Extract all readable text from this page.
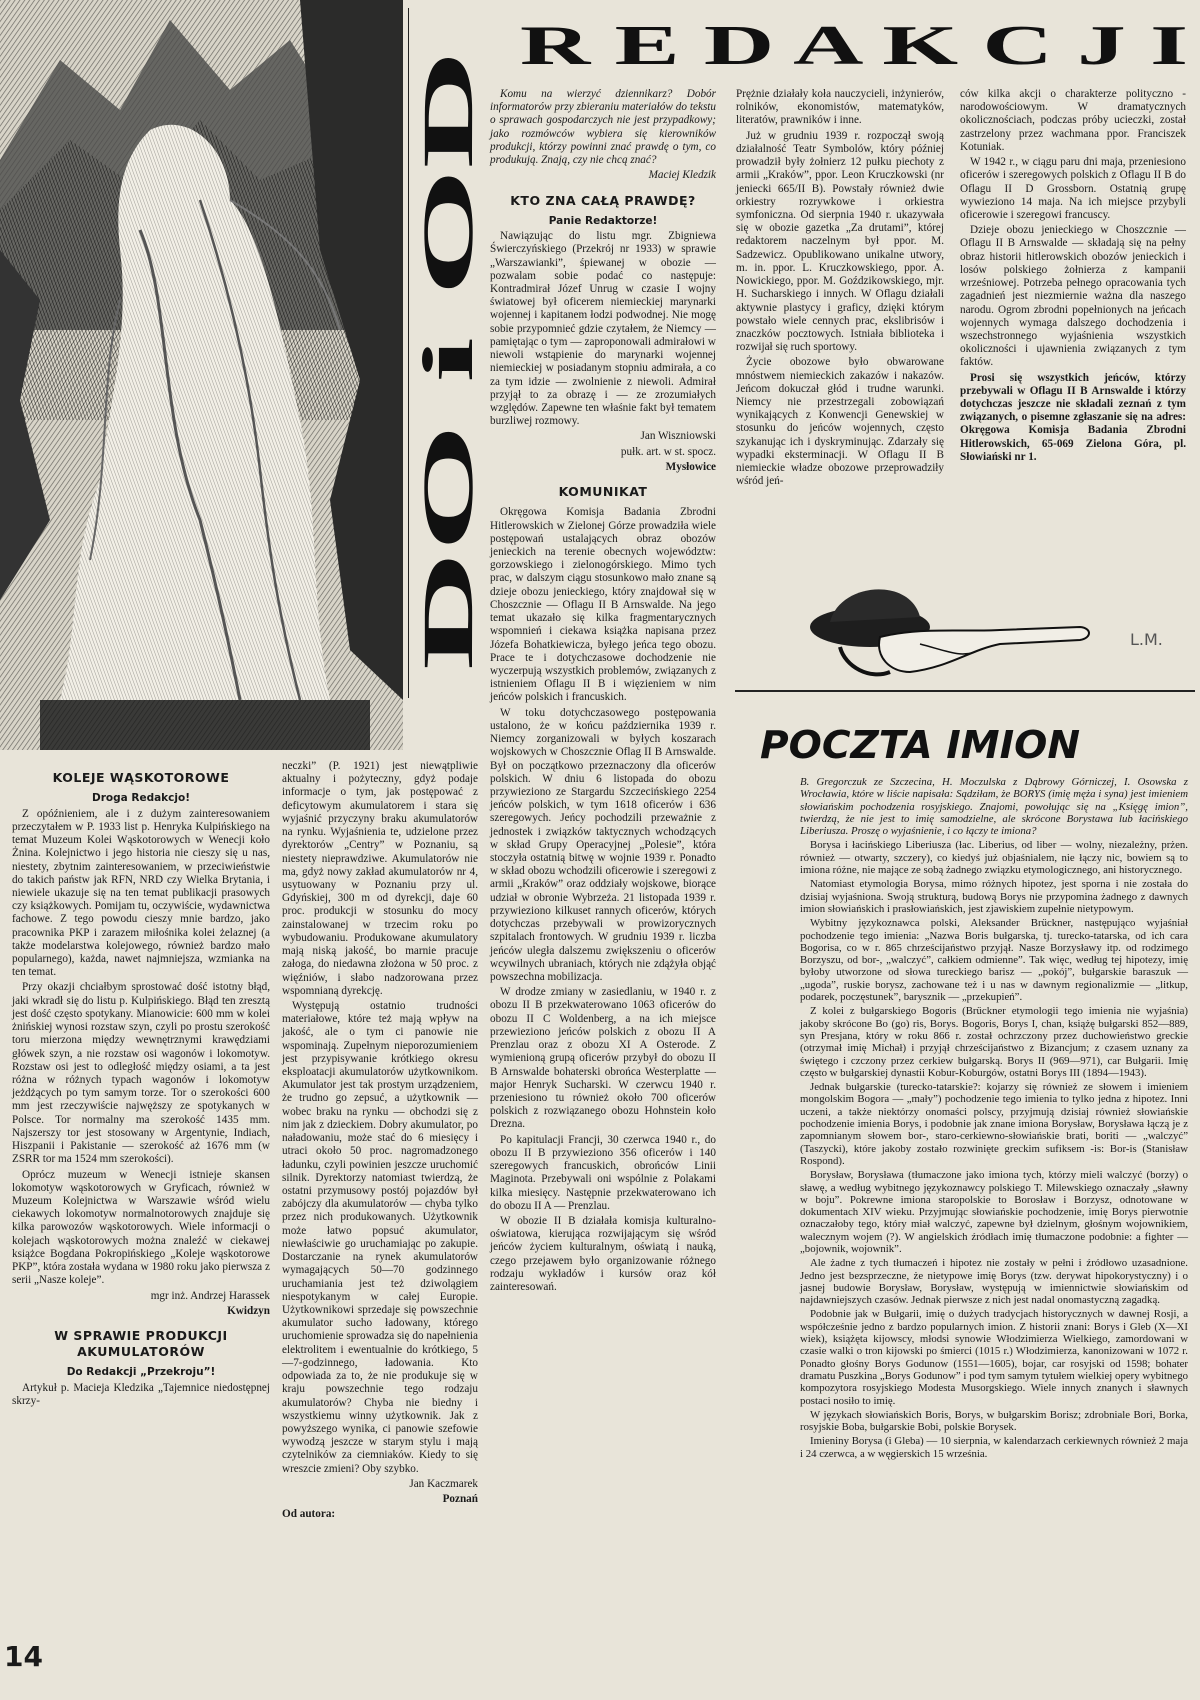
DO i OD
R E D A K C J I

KOLEJE WĄSKOTOROWE

Droga Redakcjo!

Z opóźnieniem, ale i z dużym zainteresowaniem przeczytałem w P. 1933 list p. Henryka Kulpińskiego na temat Muzeum Kolei Wąskotorowych w Wenecji koło Żnina. Kolejnictwo i jego historia nie cieszy się u nas, niestety, zbytnim zainteresowaniem, w przeciwieństwie do takich państw jak RFN, NRD czy Wielka Brytania, i niewiele ukazuje się na ten temat publikacji prasowych czy książkowych. Pomijam tu, oczywiście, wydawnictwa fachowe. Z tego powodu cieszy mnie bardzo, jako pracownika PKP i zarazem miłośnika kolei żelaznej (a także modelarstwa kolejowego, również bardzo mało popularnego), każda, nawet najmniejsza, wzmianka na ten temat.

Przy okazji chciałbym sprostować dość istotny błąd, jaki wkradł się do listu p. Kulpińskiego. Błąd ten zresztą jest dość często spotykany. Mianowicie: 600 mm w kolei żnińskiej wynosi rozstaw szyn, czyli po prostu szerokość toru mierzona między wewnętrznymi krawędziami główek szyn, a nie rozstaw osi wagonów i lokomotyw. Rozstaw osi jest to odległość między osiami, a ta jest różna w różnych typach wagonów i lokomotyw jeżdżących po tym samym torze. Tor o szerokości 600 mm jest rzeczywiście najwęższy ze spotykanych w Polsce. Tor normalny ma szerokość 1435 mm. Najszerszy tor jest stosowany w Argentynie, Indiach, Hiszpanii i Pakistanie — szerokość aż 1676 mm (w ZSRR tor ma 1524 mm szerokości).

Oprócz muzeum w Wenecji istnieje skansen lokomotyw wąskotorowych w Gryficach, również w Muzeum Kolejnictwa w Warszawie wśród wielu ciekawych lokomotyw normalnotorowych znajduje się kilka parowozów wąskotorowych. Wiele informacji o kolejach wąskotorowych można znaleźć w ciekawej książce Bogdana Pokropińskiego „Koleje wąskotorowe PKP”, która została wydana w 1980 roku jako pierwsza z serii „Nasze koleje”.

mgr inż. Andrzej Harassek

Kwidzyn

W SPRAWIE PRODUKCJI AKUMULATORÓW

Do Redakcji „Przekroju”!

Artykuł p. Macieja Kledzika „Tajemnice niedostępnej skrzy-

neczki” (P. 1921) jest niewątpliwie aktualny i pożyteczny, gdyż podaje informacje o tym, jak postępować z deficytowym akumulatorem i stara się wyjaśnić przyczyny braku akumulatorów na rynku. Wyjaśnienia te, udzielone przez dyrektorów „Centry” w Poznaniu, są niestety nieprawdziwe. Akumulatorów nie ma, gdyż nowy zakład akumulatorów nr 4, usytuowany w Poznaniu przy ul. Gdyńskiej, 300 m od dyrekcji, daje 60 proc. produkcji w stosunku do mocy zainstalowanej w trzecim roku po wybudowaniu. Produkowane akumulatory mają niską jakość, bo marnie pracuje załoga, do niedawna złożona w 50 proc. z więźniów, i słabo nadzorowana przez wspomnianą dyrekcję.

Występują ostatnio trudności materiałowe, które też mają wpływ na jakość, ale o tym ci panowie nie wspominają. Zupełnym nieporozumieniem jest przypisywanie krótkiego okresu eksploatacji akumulatorów użytkownikom. Akumulator jest tak prostym urządzeniem, że trudno go zepsuć, a użytkownik — wobec braku na rynku — obchodzi się z nim jak z dzieckiem. Dobry akumulator, po naładowaniu, może stać do 6 miesięcy i utraci około 50 proc. nagromadzonego ładunku, czyli powinien jeszcze uruchomić silnik. Dyrektorzy natomiast twierdzą, że ostatni przymusowy postój pojazdów był zabójczy dla akumulatorów — chyba tylko przez nich produkowanych. Użytkownik może łatwo popsuć akumulator, niewłaściwie go uruchamiając po zakupie. Dostarczanie na rynek akumulatorów wymagających 50—70 godzinnego uruchamiania jest też dziwolągiem niespotykanym w całej Europie. Użytkownikowi sprzedaje się powszechnie akumulator sucho ładowany, którego uruchomienie sprowadza się do napełnienia elektrolitem i ewentualnie do krótkiego, 5—7-godzinnego, ładowania. Kto odpowiada za to, że nie produkuje się w kraju powszechnie tego rodzaju akumulatorów? Chyba nie biedny i wszystkiemu winny użytkownik. Jak z powyższego wynika, ci panowie szefowie wywodzą jeszcze w starym stylu i mają czytelników za ciemniaków. Kiedy to się wreszcie zmieni? Oby szybko.

Jan Kaczmarek

Poznań

Od autora:

Komu na wierzyć dziennikarz? Dobór informatorów przy zbieraniu materiałów do tekstu o sprawach gospodarczych nie jest przypadkowy; jako rozmówców wybiera się kierowników produkcji, którzy powinni znać prawdę o tym, co produkują. Znają, czy nie chcą znać?

Maciej Kledzik

KTO ZNA CAŁĄ PRAWDĘ?

Panie Redaktorze!

Nawiązując do listu mgr. Zbigniewa Świerczyńskiego (Przekrój nr 1933) w sprawie „Warszawianki”, śpiewanej w obozie — pozwalam sobie podać co następuje: Kontradmirał Józef Unrug w czasie I wojny światowej był oficerem niemieckiej marynarki wojennej i kapitanem łodzi podwodnej. Nie mogę sobie przypomnieć gdzie czytałem, że Niemcy — pamiętając o tym — zaproponowali admirałowi w niewoli wstąpienie do marynarki wojennej niemieckiej w posiadanym stopniu admirała, a co za tym idzie — zwolnienie z niewoli. Admirał przyjął to za obrazę i — ze zrozumiałych względów. Zapewne ten właśnie fakt był tematem burzliwej rozmowy.

Jan Wiszniowski

pułk. art. w st. spocz.

Mysłowice

KOMUNIKAT

Okręgowa Komisja Badania Zbrodni Hitlerowskich w Zielonej Górze prowadziła wiele postępowań ustalających obraz obozów jenieckich na terenie obecnych województw: gorzowskiego i zielonogórskiego. Mimo tych prac, w dalszym ciągu stosunkowo mało znane są dzieje obozu jenieckiego, który znajdował się w Choszcznie — Oflagu II B Arnswalde. Na jego temat ukazało się kilka fragmentarycznych wspomnień i ciekawa książka napisana przez Józefa Bohatkiewicza, byłego jeńca tego obozu. Prace te i dotychczasowe dochodzenie nie wyczerpują wszystkich problemów, związanych z istnieniem Oflagu II B i więzieniem w nim jeńców polskich i francuskich.

W toku dotychczasowego postępowania ustalono, że w końcu października 1939 r. Niemcy zorganizowali w byłych koszarach wojskowych w Choszcznie Oflag II B Arnswalde. Był on początkowo przeznaczony dla oficerów polskich. W dniu 6 listopada do obozu przywieziono ze Stargardu Szczecińskiego 2254 jeńców polskich, w tym 1618 oficerów i 636 szeregowych. Jeńcy pochodzili przeważnie z jednostek i związków taktycznych wchodzących w skład Grupy Operacyjnej „Polesie”, która stoczyła ostatnią bitwę w wojnie 1939 r. Ponadto w skład obozu wchodzili oficerowie i szeregowi z armii „Kraków” oraz oddziały wojskowe, biorące udział w obronie Wybrzeża. 21 listopada 1939 r. przywieziono kilkuset rannych oficerów, których dotychczas przebywali w prowizorycznych szpitalach frontowych. W grudniu 1939 r. liczba jeńców uległa dalszemu zwiększeniu o oficerów wcywilnych ubraniach, których nie zdążyła objąć powszechna mobilizacja.

W drodze zmiany w zasiedlaniu, w 1940 r. z obozu II B przekwaterowano 1063 oficerów do obozu II C Woldenberg, a na ich miejsce przewieziono jeńców polskich z obozu II A Prenzlau oraz z obozu XI A Osterode. Z wymienioną grupą oficerów przybył do obozu II B Arnswalde bohaterski obrońca Westerplatte — major Henryk Sucharski. W czerwcu 1940 r. przeniesiono tu również około 700 oficerów polskich z rozwiązanego obozu Hohnstein koło Drezna.

Po kapitulacji Francji, 30 czerwca 1940 r., do obozu II B przywieziono 356 oficerów i 140 szeregowych francuskich, obrońców Linii Maginota. Przebywali oni wspólnie z Polakami kilka miesięcy. Następnie przekwaterowano ich do obozu II A — Prenzlau.

W obozie II B działała komisja kulturalno-oświatowa, kierująca rozwijającym się wśród jeńców życiem kulturalnym, oświatą i nauką, czego przejawem było organizowanie różnego rodzaju wykładów i kursów oraz kół zainteresowań.

Prężnie działały koła nauczycieli, inżynierów, rolników, ekonomistów, matematyków, literatów, prawników i inne.

Już w grudniu 1939 r. rozpoczął swoją działalność Teatr Symbolów, który później prowadził były żołnierz 12 pułku piechoty z armii „Kraków”, ppor. Leon Kruczkowski (nr jeniecki 665/II B). Powstały również dwie orkiestry rozrywkowe i orkiestra symfoniczna. Od sierpnia 1940 r. ukazywała się w obozie gazetka „Za drutami”, której redaktorem naczelnym był ppor. M. Sadzewicz. Opublikowano unikalne utwory, m. in. ppor. L. Kruczkowskiego, ppor. A. Nowickiego, ppor. M. Goździkowskiego, mjr. H. Sucharskiego i innych. W Oflagu działali aktywnie plastycy i graficy, dzięki którym powstało wiele cennych prac, ekslibrisów i znaczków pocztowych. Istniała biblioteka i rozwijał się ruch sportowy.

Życie obozowe było obwarowane mnóstwem niemieckich zakazów i nakazów. Jeńcom dokuczał głód i trudne warunki. Niemcy nie przestrzegali zobowiązań wynikających z Konwencji Genewskiej w stosunku do jeńców wojennych, często szykanując ich i dyskryminując. Zdarzały się wypadki eksterminacji. W Oflagu II B niemieckie władze obozowe przeprowadziły wśród jeń-

ców kilka akcji o charakterze polityczno - narodowościowym. W dramatycznych okolicznościach, podczas próby ucieczki, został zastrzelony przez wachmana ppor. Franciszek Kotuniak.

W 1942 r., w ciągu paru dni maja, przeniesiono oficerów i szeregowych polskich z Oflagu II B do Oflagu II D Grossborn. Ostatnią grupę wywieziono 14 maja. Na ich miejsce przybyli oficerowie i szeregowi francuscy.

Dzieje obozu jenieckiego w Choszcznie — Oflagu II B Arnswalde — składają się na pełny obraz historii hitlerowskich obozów jenieckich i losów polskiego żołnierza z kampanii wrześniowej. Potrzeba pełnego opracowania tych zagadnień jest niezmiernie ważna dla naszego narodu. Ogrom zbrodni popełnionych na jeńcach wojennych wymaga dalszego dochodzenia i wszechstronnego wyjaśnienia wszystkich okoliczności i ujawnienia związanych z tym faktów.

Prosi się wszystkich jeńców, którzy przebywali w Oflagu II B Arnswalde i którzy dotychczas jeszcze nie składali zeznań z tym związanych, o pisemne zgłaszanie się na adres: Okręgowa Komisja Badania Zbrodni Hitlerowskich, 65-069 Zielona Góra, pl. Słowiański nr 1.

L.M.
POCZTA IMION

B. Gregorczuk ze Szczecina, H. Moczulska z Dąbrowy Górniczej, I. Osowska z Wrocławia, które w liście napisała: Sądziłam, że BORYS (imię męża i syna) jest imieniem słowiańskim pochodzenia rosyjskiego. Znajomi, powołując się na „Księgę imion”, twierdzą, że nie jest to imię samodzielne, ale skrócone Borystawa lub łacińskiego Liberiusza. Proszę o wyjaśnienie, i co łączy te imiona?

Borysa i łacińskiego Liberiusza (łac. Liberius, od liber — wolny, niezależny, prżen. również — otwarty, szczery), co kiedyś już objaśnialem, nie łączy nic, bowiem są to imiona różne, nie mające ze sobą żadnego związku etymologicznego, ani historycznego.

Natomiast etymologia Borysa, mimo różnych hipotez, jest sporna i nie została do dzisiaj wyjaśniona. Swoją strukturą, budową Borys nie przypomina żadnego z dawnych imion słowiańskich i prasłowiańskich, jest zjawiskiem zupełnie nietypowym.

Wybitny językoznawca polski, Aleksander Brückner, następująco wyjaśniał pochodzenie tego imienia: „Nazwa Boris bułgarska, tj. turecko-tatarska, od ich cara Bogorisa, co w r. 865 chrześcijaństwo przyjął. Nasze Borzysławy itp. od rodzimego Borzyszu, od bor-, „walczyć”, całkiem odmienne”. Tak więc, według tej hipotezy, imię byłoby utworzone od słowa tureckiego barisz — „pokój”, bułgarskie baraszuk — „ugoda”, ruskie borysz, zachowane też i u nas w dawnym regionalizmie — „litkup, podarek, poczęstunek”, barysznik — „przekupień”.

Z kolei z bułgarskiego Bogoris (Brückner etymologii tego imienia nie wyjaśnia) jakoby skrócone Bo (go) ris, Borys. Bogoris, Borys I, chan, książę bułgarski 852—889, syn Presjana, który w roku 866 r. został ochrzczony przez duchowieństwo greckie (otrzymał imię Michał) i przyjął chrześcijaństwo z Bizancjum; z czasem uznany za świętego i czczony przez cerkiew bułgarską. Borys II (969—971), car Bułgarii. Imię często w bułgarskiej dynastii Kobur-Koburgów, ostatni Borys III (1894—1943).

Jednak bułgarskie (turecko-tatarskie?: kojarzy się również ze słowem i imieniem mongolskim Bogora — „mały”) pochodzenie tego imienia to tylko jedna z hipotez. Inni uczeni, a także niektórzy onomaści polscy, przyjmują dzisiaj również słowiańskie pochodzenie imienia Borys, i podobnie jak znane imiona Borysław, Borysława łączą je z zapomnianym słowem bor-, staro-cerkiewno-słowiańskie brati, boriti — „walczyć” (Taszycki), które jakoby zostało rozwinięte greckim sufiksem -is: Bor-is (Stanisław Rospond).

Borysław, Borysława (tłumaczone jako imiona tych, którzy mieli walczyć (borzy) o sławę, a według wybitnego językoznawcy polskiego T. Milewskiego oznaczały „sławny w boju”. Pokrewne imiona staropolskie to Borosław i Borzysz, odnotowane w dokumentach XIV wieku. Przyjmując słowiańskie pochodzenie, imię Borys pierwotnie oznaczałoby tego, który miał walczyć, zapewne był dzielnym, głośnym wojownikiem, walecznym wojem (?). W angielskich źródłach imię tłumaczone podobnie: a fighter — „bojownik, wojownik”.

Ale żadne z tych tłumaczeń i hipotez nie zostały w pełni i źródłowo uzasadnione. Jedno jest bezsprzeczne, że nietypowe imię Borys (tzw. derywat hipokorystyczny) i o jasnej budowie Borysław, Borysław, występują w imiennictwie słowiańskim od najdawniejszych czasów. Jednak pierwsze z nich jest nadal onomastyczną zagadką.

Podobnie jak w Bułgarii, imię o dużych tradycjach historycznych w dawnej Rosji, a współcześnie jedno z bardzo popularnych imion. Z historii znani: Borys i Gleb (X—XI wiek), książęta kijowscy, młodsi synowie Włodzimierza Wielkiego, zamordowani w czasie walki o tron kijowski po śmierci (1015 r.) Włodzimierza, kanonizowani w 1072 r. Ponadto głośny Borys Godunow (1551—1605), bojar, car rosyjski od 1598; bohater dramatu Puszkina „Borys Godunow” i pod tym samym tytułem wielkiej opery wybitnego kompozytora rosyjskiego Modesta Musorgskiego. Wiele innych znanych i sławnych postaci nosiło to imię.

W językach słowiańskich Boris, Borys, w bułgarskim Borisz; zdrobniale Bori, Borka, rosyjskie Boba, bułgarskie Bobi, polskie Borysek.

Imieniny Borysa (i Gleba) — 10 sierpnia, w kalendarzach cerkiewnych również 2 maja i 24 czerwca, a w węgierskich 15 września.

14
